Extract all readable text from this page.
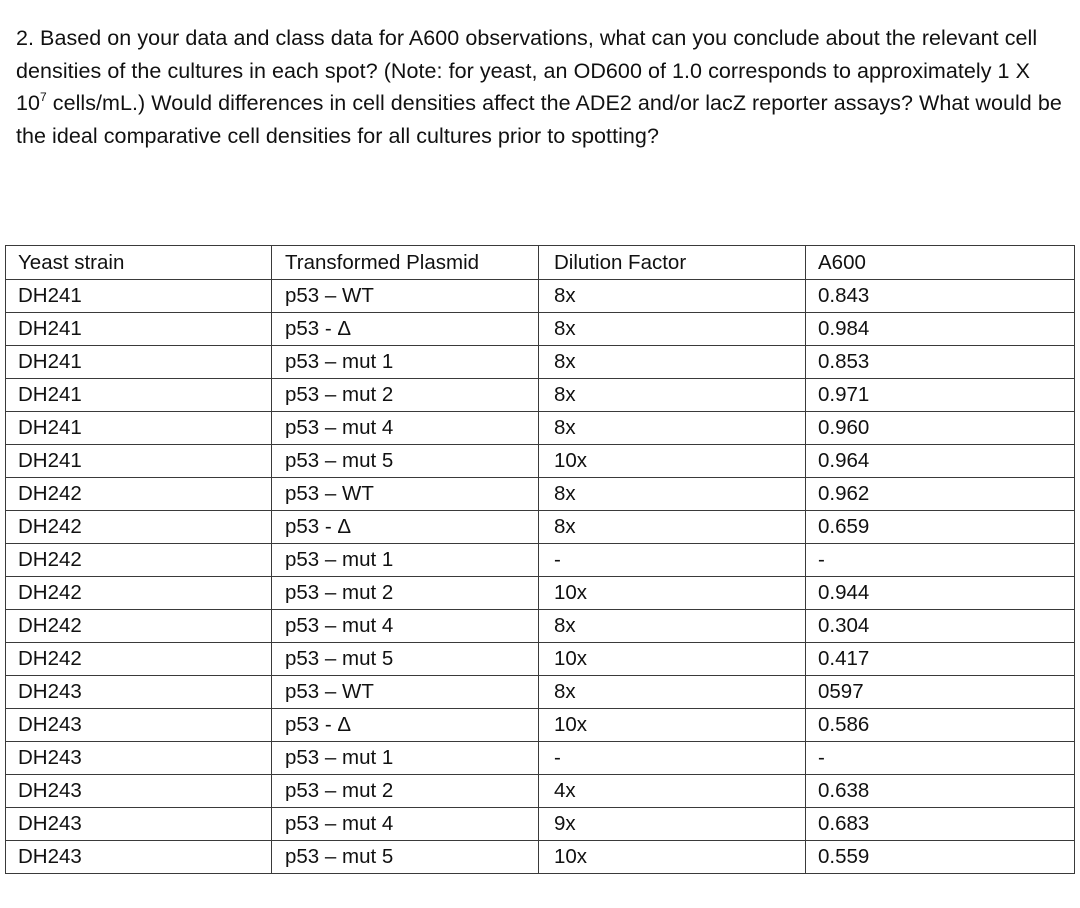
2. Based on your data and class data for A600 observations, what can you conclude about the relevant cell densities of the cultures in each spot? (Note: for yeast, an OD600 of 1.0 corresponds to approximately 1 X $10^7$ cells/mL.) Would differences in cell densities affect the ADE2 and/or lacZ reporter assays? What would be the ideal comparative cell densities for all cultures prior to spotting?
Yeast strain	Transformed Plasmid	Dilution Factor	A600
DH241	p53 – WT	8x	0.843
DH241	p53 - Δ	8x	0.984
DH241	p53 – mut 1	8x	0.853
DH241	p53 – mut 2	8x	0.971
DH241	p53 – mut 4	8x	0.960
DH241	p53 – mut 5	10x	0.964
DH242	p53 – WT	8x	0.962
DH242	p53 - Δ	8x	0.659
DH242	p53 – mut 1	-	-
DH242	p53 – mut 2	10x	0.944
DH242	p53 – mut 4	8x	0.304
DH242	p53 – mut 5	10x	0.417
DH243	p53 – WT	8x	0597
DH243	p53 - Δ	10x	0.586
DH243	p53 – mut 1	-	-
DH243	p53 – mut 2	4x	0.638
DH243	p53 – mut 4	9x	0.683
DH243	p53 – mut 5	10x	0.559
